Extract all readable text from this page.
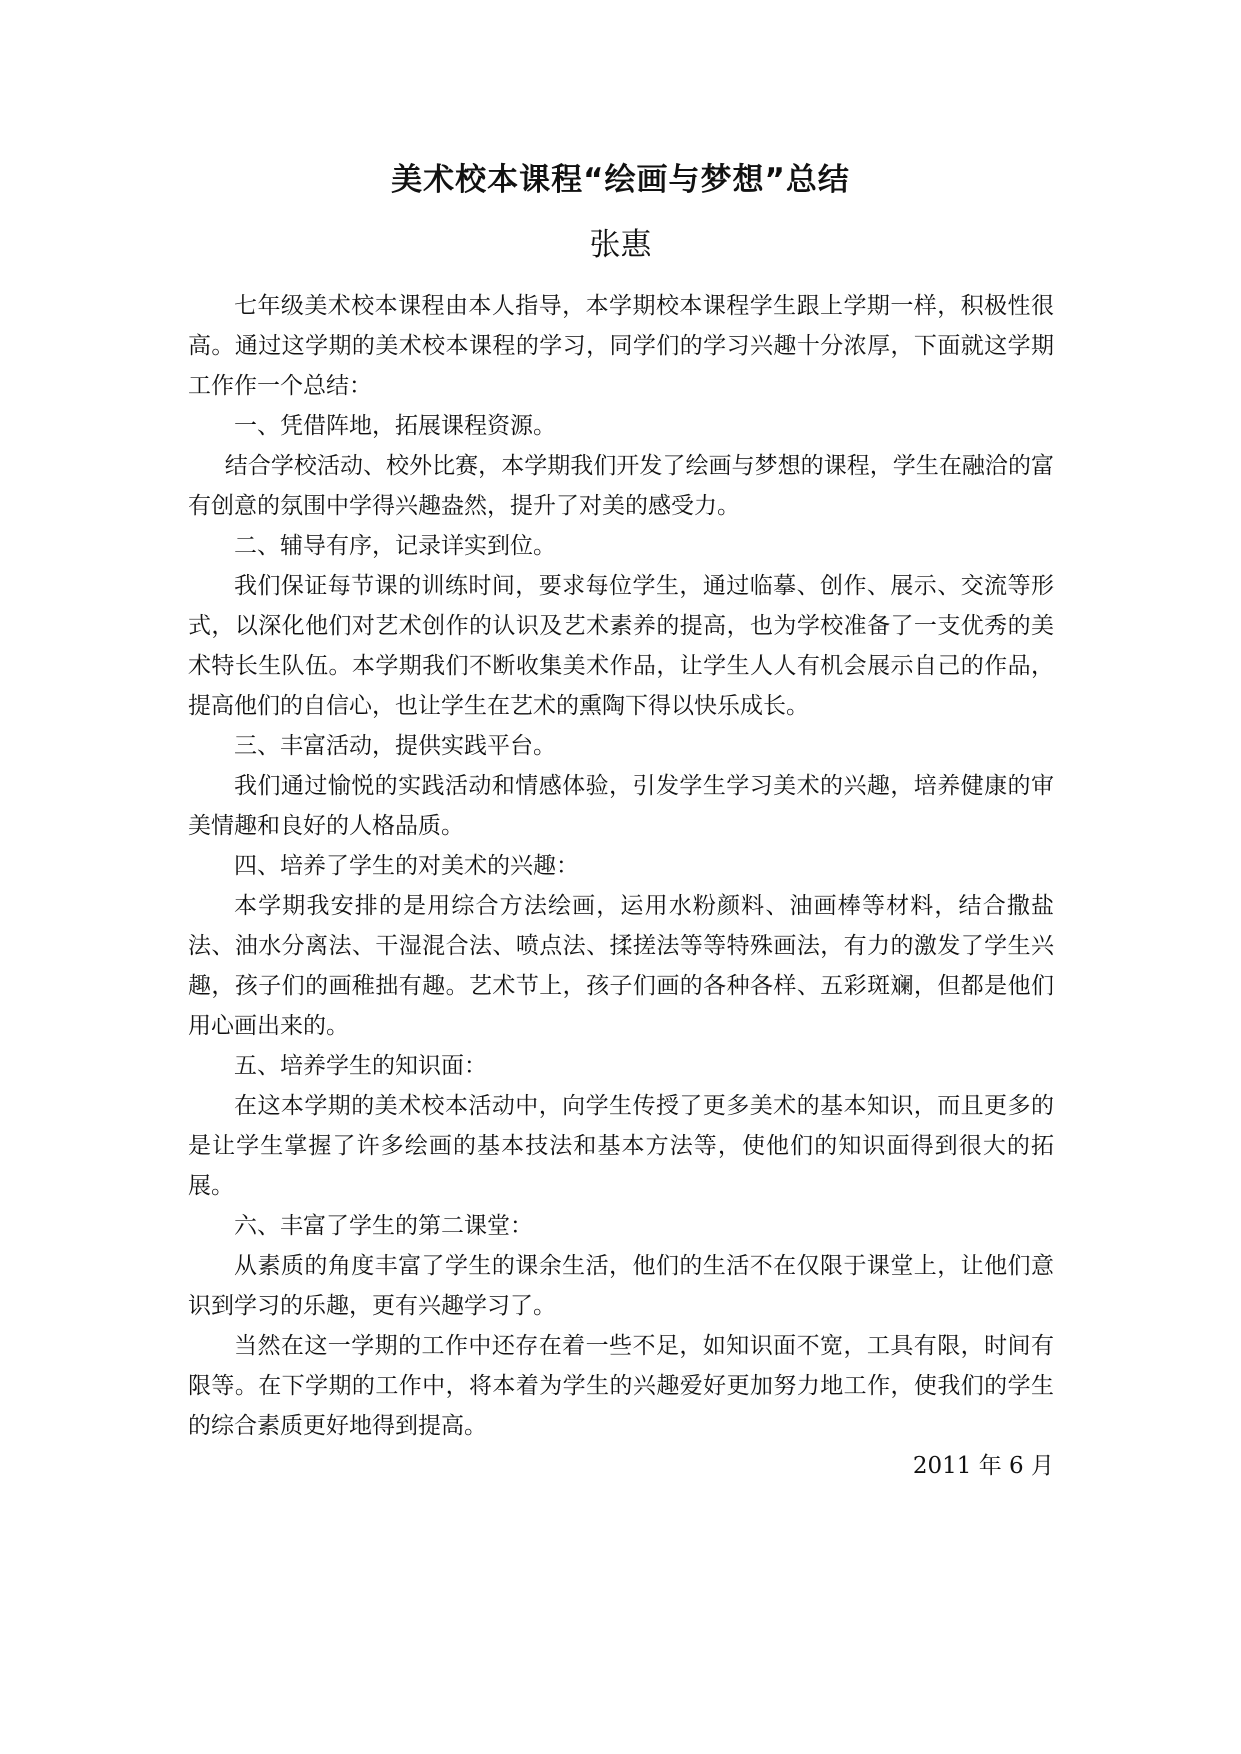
美术校本课程“绘画与梦想”总结
张惠

七年级美术校本课程由本人指导，本学期校本课程学生跟上学期一样，积极性很高。通过这学期的美术校本课程的学习，同学们的学习兴趣十分浓厚，下面就这学期工作作一个总结：

一、凭借阵地，拓展课程资源。

结合学校活动、校外比赛，本学期我们开发了绘画与梦想的课程，学生在融洽的富有创意的氛围中学得兴趣盎然，提升了对美的感受力。

二、辅导有序，记录详实到位。

我们保证每节课的训练时间，要求每位学生，通过临摹、创作、展示、交流等形式，以深化他们对艺术创作的认识及艺术素养的提高，也为学校准备了一支优秀的美术特长生队伍。本学期我们不断收集美术作品，让学生人人有机会展示自己的作品，提高他们的自信心，也让学生在艺术的熏陶下得以快乐成长。

三、丰富活动，提供实践平台。

我们通过愉悦的实践活动和情感体验，引发学生学习美术的兴趣，培养健康的审美情趣和良好的人格品质。

四、培养了学生的对美术的兴趣：

本学期我安排的是用综合方法绘画，运用水粉颜料、油画棒等材料，结合撒盐法、油水分离法、干湿混合法、喷点法、揉搓法等等特殊画法，有力的激发了学生兴趣，孩子们的画稚拙有趣。艺术节上，孩子们画的各种各样、五彩斑斓，但都是他们用心画出来的。

五、培养学生的知识面：

在这本学期的美术校本活动中，向学生传授了更多美术的基本知识，而且更多的是让学生掌握了许多绘画的基本技法和基本方法等，使他们的知识面得到很大的拓展。

六、丰富了学生的第二课堂：

从素质的角度丰富了学生的课余生活，他们的生活不在仅限于课堂上，让他们意识到学习的乐趣，更有兴趣学习了。

当然在这一学期的工作中还存在着一些不足，如知识面不宽，工具有限，时间有限等。在下学期的工作中，将本着为学生的兴趣爱好更加努力地工作，使我们的学生的综合素质更好地得到提高。

2011 年 6 月
